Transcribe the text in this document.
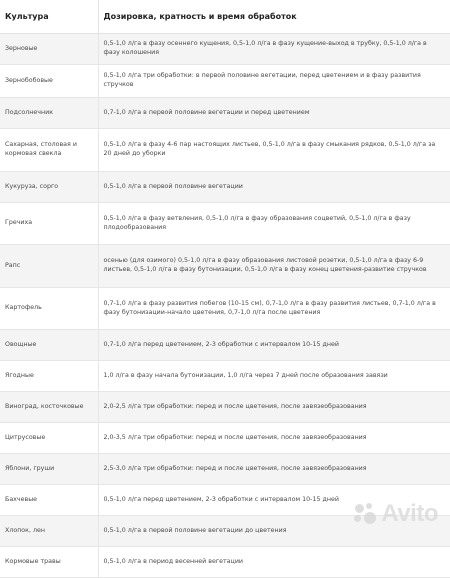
Культура	Дозировка, кратность и время обработок
Зерновые	0,5-1,0 л/га в фазу осеннего кущения, 0,5-1,0 л/га в фазу кущение-выход в трубку, 0,5-1,0 л/га в фазу колошения
Зернобобовые	0,5-1,0 л/га три обработки: в первой половине вегетации, перед цветением и в фазу развития стручков
Подсолнечник	0,7-1,0 л/га в первой половине вегетации и перед цветением
Сахарная, столовая и кормовая свекла	0,5-1,0 л/га в фазу 4-6 пар настоящих листьев, 0,5-1,0 л/га в фазу смыкания рядков, 0,5-1,0 л/га за 20 дней до уборки
Кукуруза, сорго	0,5-1,0 л/га в первой половине вегетации
Гречиха	0,5-1,0 л/га в фазу ветвления, 0,5-1,0 л/га в фазу образования соцветий, 0,5-1,0 л/га в фазу плодообразования
Рапс	осенью (для озимого) 0,5-1,0 л/га в фазу образования листовой розетки, 0,5-1,0 л/га в фазу 6-9 листьев, 0,5-1,0 л/га в фазу бутонизации, 0,5-1,0 л/га в фазу конец цветения-развитие стручков
Картофель	0,7-1,0 л/га в фазу развития побегов (10-15 см), 0,7-1,0 л/га в фазу развития листьев, 0,7-1,0 л/га в фазу бутонизации-начало цветения, 0,7-1,0 л/га после цветения
Овощные	0,7-1,0 л/га перед цветением, 2-3 обработки с интервалом 10-15 дней
Ягодные	1,0 л/га в фазу начала бутонизации, 1,0 л/га через 7 дней после образования завязи
Виноград, косточковые	2,0-2,5 л/га три обработки: перед и после цветения, после завязеобразования
Цитрусовые	2,0-3,5 л/га три обработки: перед и после цветения, после завязеобразования
Яблони, груши	2,5-3,0 л/га три обработки: перед и после цветения, после завязеобразования
Бахчевые	0,5-1,0 л/га перед цветением, 2-3 обработки с интервалом 10-15 дней
Хлопок, лен	0,5-1,0 л/га в первой половине вегетации до цветения
Кормовые травы	0,5-1,0 л/га в период весенней вегетации
Avito
